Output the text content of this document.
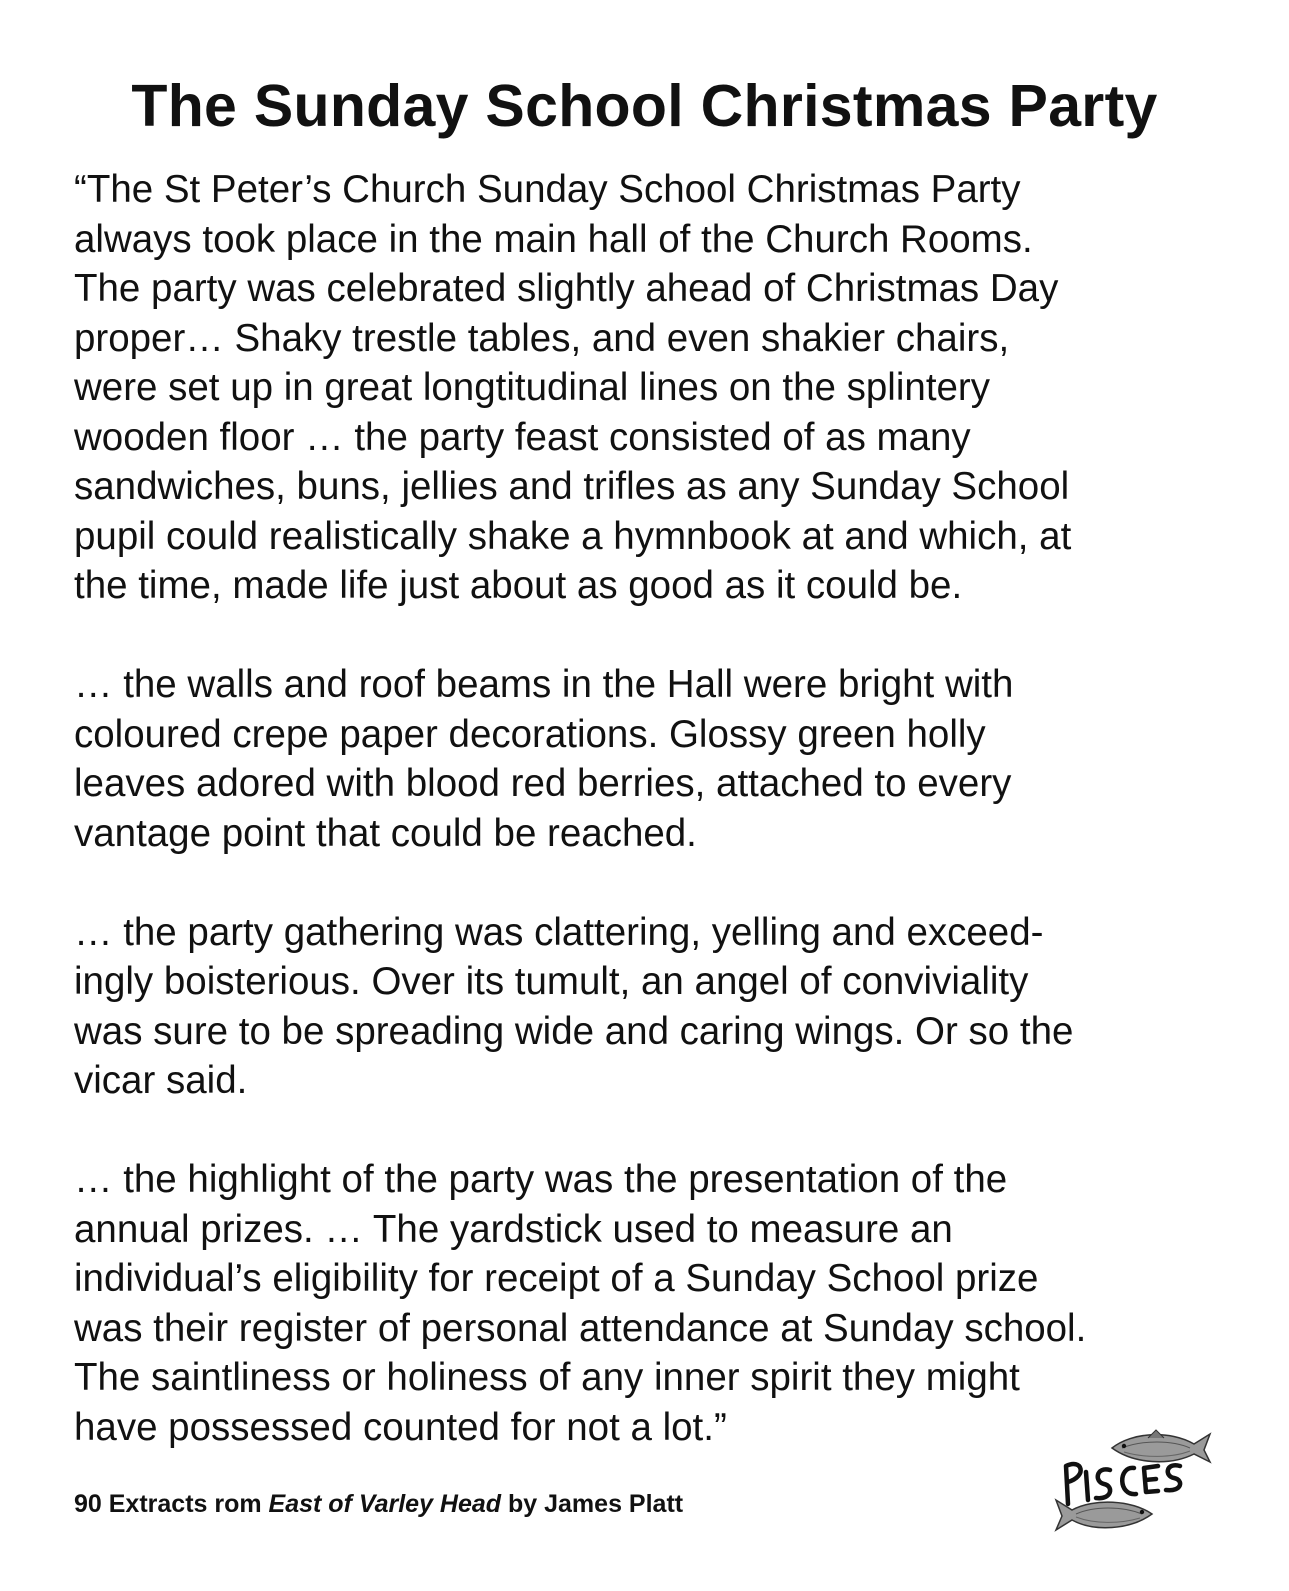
The Sunday School Christmas Party

“The St Peter’s Church Sunday School Christmas Party
always took place in the main hall of the Church Rooms.
The party was celebrated slightly ahead of Christmas Day
proper… Shaky trestle tables, and even shakier chairs,
were set up in great longtitudinal lines on the splintery
wooden floor … the party feast consisted of as many
sandwiches, buns, jellies and trifles as any Sunday School
pupil could realistically shake a hymnbook at and which, at
the time, made life just about as good as it could be.

… the walls and roof beams in the Hall were bright with
coloured crepe paper decorations. Glossy green holly
leaves adored with blood red berries, attached to every
vantage point that could be reached.

… the party gathering was clattering, yelling and exceed-
ingly boisterious. Over its tumult, an angel of conviviality
was sure to be spreading wide and caring wings. Or so the
vicar said.

… the highlight of the party was the presentation of the
annual prizes. … The yardstick used to measure an
individual’s eligibility for receipt of a Sunday School prize
was their register of personal attendance at Sunday school.
The saintliness or holiness of any inner spirit they might
have possessed counted for not a lot.”

90 Extracts rom East of Varley Head by James Platt
